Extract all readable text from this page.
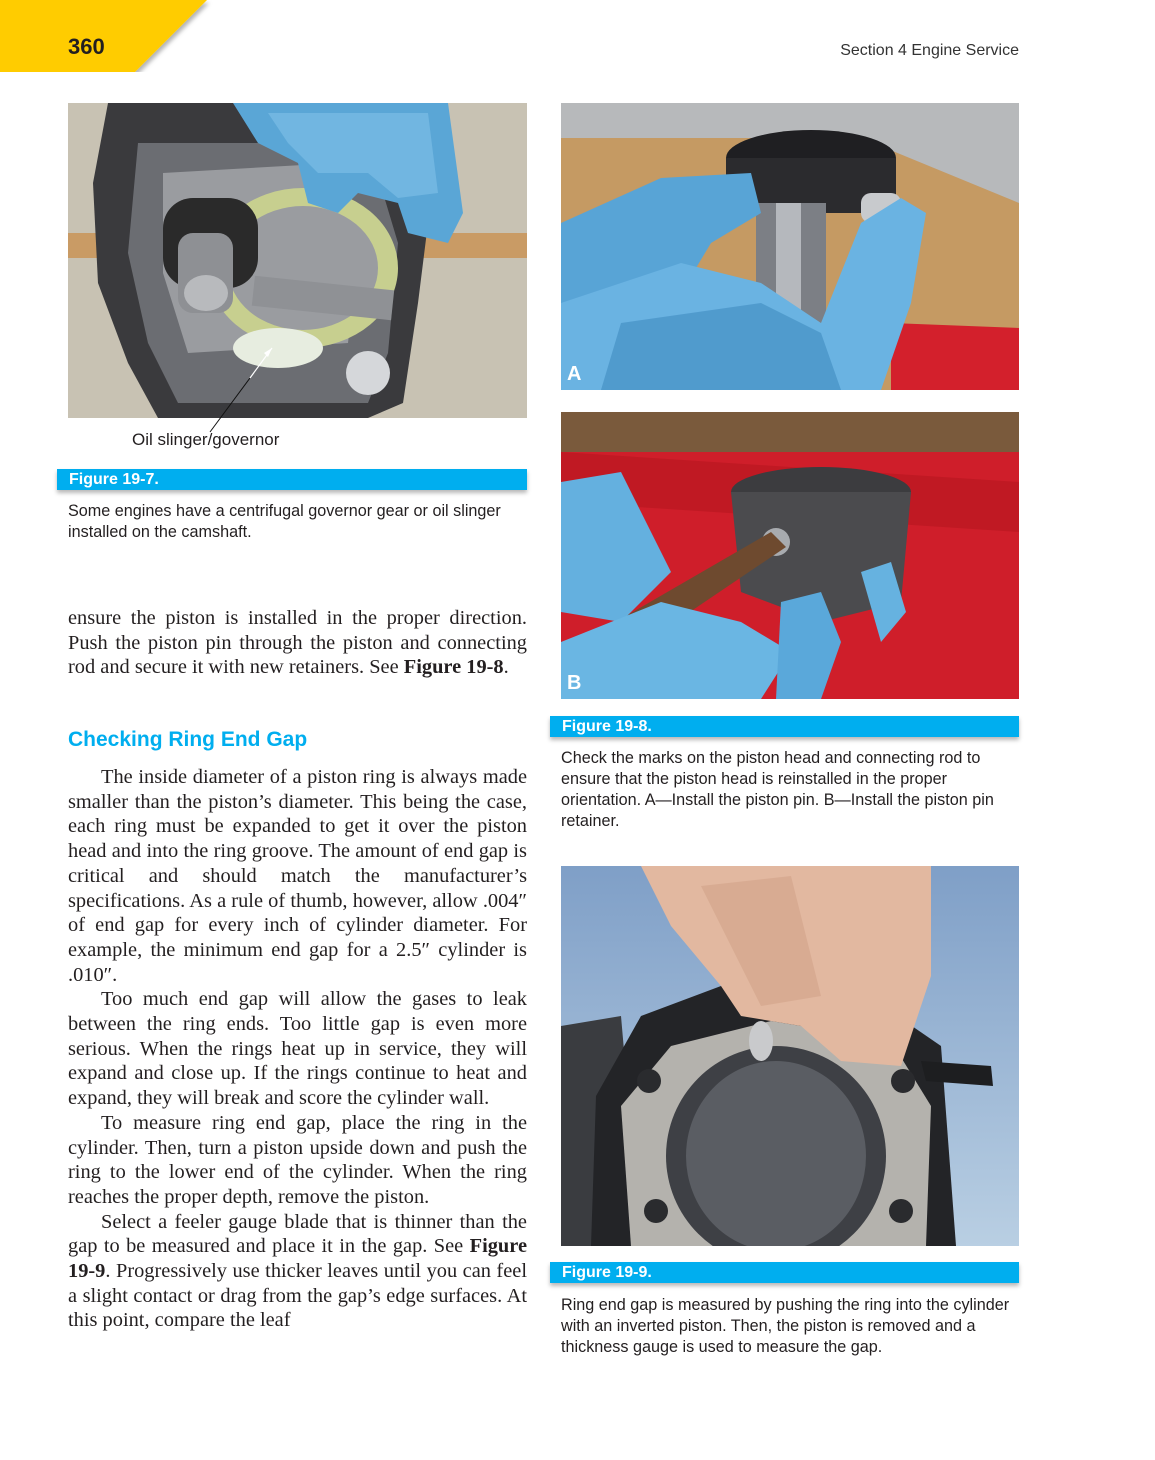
360	Section 4 Engine Service
Oil slinger/governor
Figure 19-7.
Some engines have a centrifugal governor gear or oil slinger installed on the camshaft.

ensure the piston is installed in the proper direction. Push the piston pin through the piston and connecting rod and secure it with new retainers. See Figure 19-8.

Checking Ring End Gap

The inside diameter of a piston ring is always made smaller than the piston’s diameter. This being the case, each ring must be expanded to get it over the piston head and into the ring groove. The amount of end gap is critical and should match the manufacturer’s specifications. As a rule of thumb, however, allow .004″ of end gap for every inch of cylinder diameter. For example, the minimum end gap for a 2.5″ cylinder is .010″.

Too much end gap will allow the gases to leak between the ring ends. Too little gap is even more serious. When the rings heat up in service, they will expand and close up. If the rings continue to heat and expand, they will break and score the cylinder wall.

To measure ring end gap, place the ring in the cylinder. Then, turn a piston upside down and push the ring to the lower end of the cylinder. When the ring reaches the proper depth, remove the piston.

Select a feeler gauge blade that is thinner than the gap to be measured and place it in the gap. See Figure 19-9. Progressively use thicker leaves until you can feel a slight contact or drag from the gap’s edge surfaces. At this point, compare the leaf

A
B
Figure 19-8.
Check the marks on the piston head and connecting rod to ensure that the piston head is reinstalled in the proper orientation. A—Install the piston pin. B—Install the piston pin retainer.
Figure 19-9.
Ring end gap is measured by pushing the ring into the cylinder with an inverted piston. Then, the piston is removed and a thickness gauge is used to measure the gap.
